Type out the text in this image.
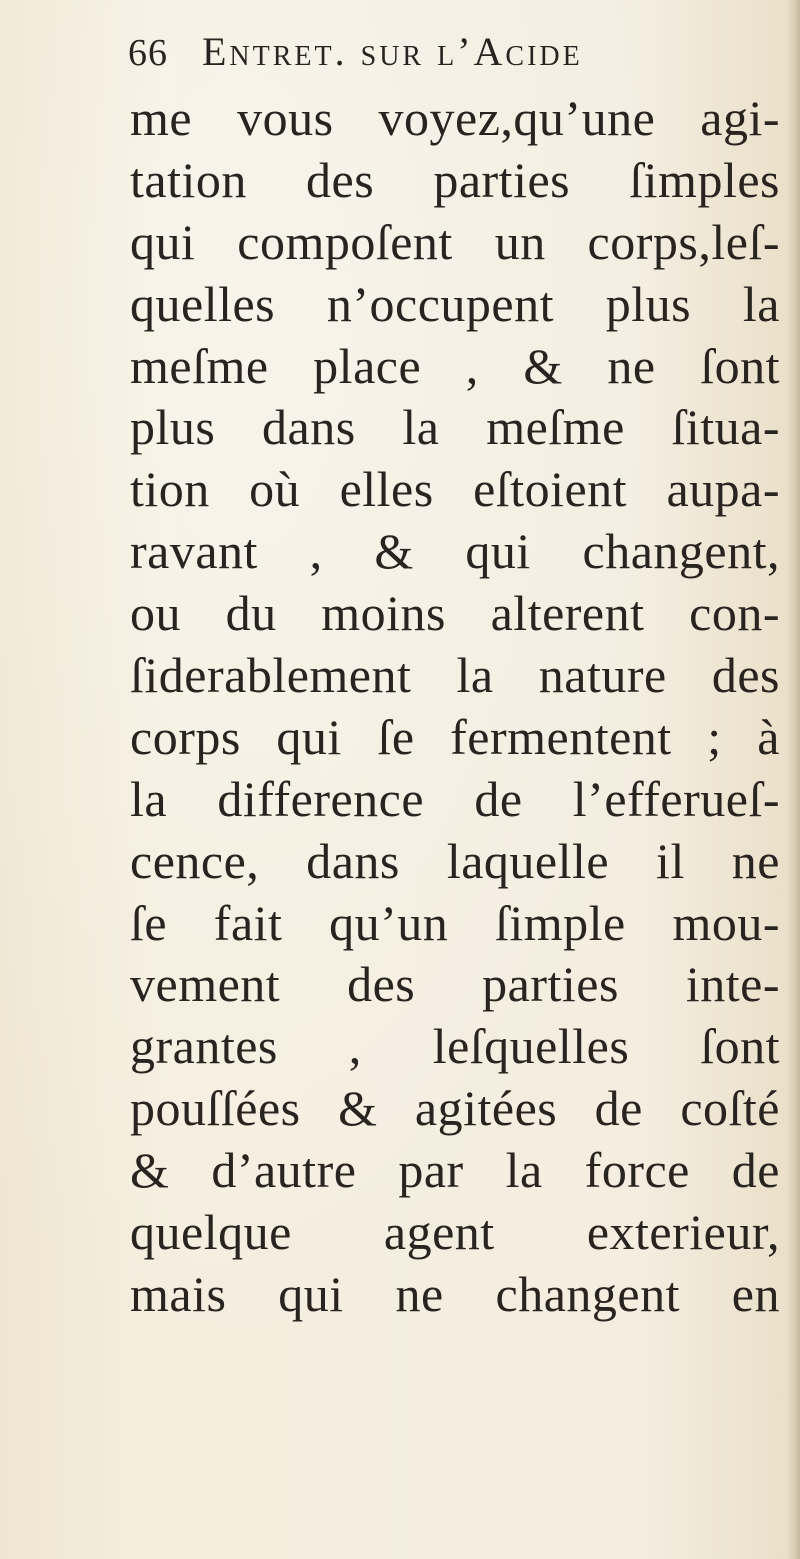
66 Entret. sur l’Acide
me vous voyez,qu’une agi-
tation des parties ſimples
qui compoſent un corps,leſ-
quelles n’occupent plus la
meſme place , & ne ſont
plus dans la meſme ſitua-
tion où elles eſtoient aupa-
ravant , & qui changent,
ou du moins alterent con-
ſiderablement la nature des
corps qui ſe fermentent ; à
la difference de l’efferueſ-
cence, dans laquelle il ne
ſe fait qu’un ſimple mou-
vement des parties inte-
grantes , leſquelles ſont
pouſſées & agitées de coſté
& d’autre par la force de
quelque agent exterieur,
mais qui ne changent en
